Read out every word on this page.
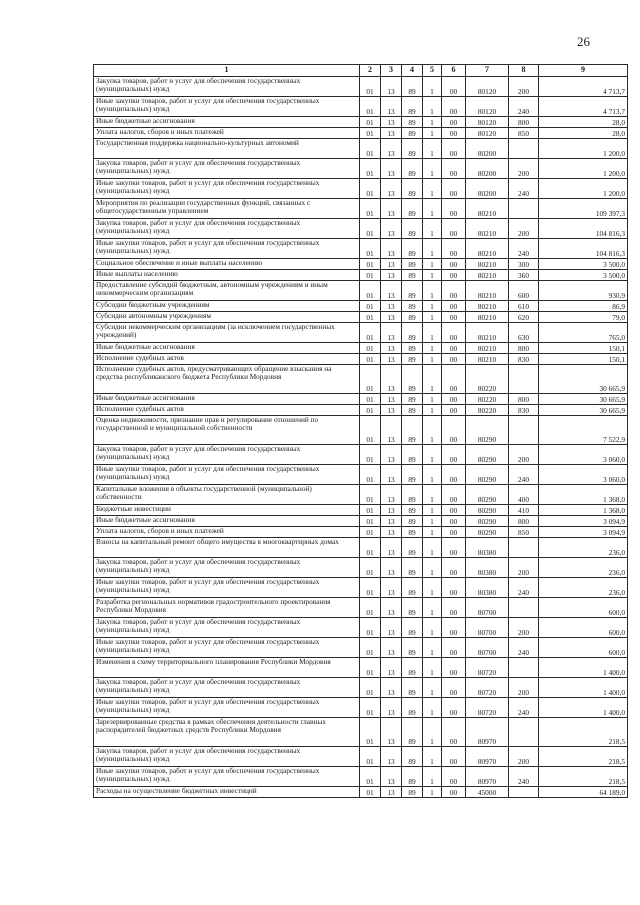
26
1	2	3	4	5	6	7	8	9
Закупка товаров, работ и услуг для обеспечения государственных (муниципальных) нужд	01	13	89	1	00	80120	200	4 713,7
Иные закупки товаров, работ и услуг для обеспечения государственных (муниципальных) нужд	01	13	89	1	00	80120	240	4 713,7
Иные бюджетные ассигнования	01	13	89	1	00	80120	800	28,0
Уплата налогов, сборов и иных платежей	01	13	89	1	00	80120	850	28,0
Государственная поддержка национально-культурных автономий	01	13	89	1	00	80200		1 200,0
Закупка товаров, работ и услуг для обеспечения государственных (муниципальных) нужд	01	13	89	1	00	80200	200	1 200,0
Иные закупки товаров, работ и услуг для обеспечения государственных (муниципальных) нужд	01	13	89	1	00	80200	240	1 200,0
Мероприятия по реализации государственных функций, связанных с общегосударственным управлением	01	13	89	1	00	80210		109 397,3
Закупка товаров, работ и услуг для обеспечения государственных (муниципальных) нужд	01	13	89	1	00	80210	200	104 816,3
Иные закупки товаров, работ и услуг для обеспечения государственных (муниципальных) нужд	01	13	89	1	00	80210	240	104 816,3
Социальное обеспечение и иные выплаты населению	01	13	89	1	00	80210	300	3 500,0
Иные выплаты населению	01	13	89	1	00	80210	360	3 500,0
Предоставление субсидий бюджетным, автономным учреждениям и иным некоммерческим организациям	01	13	89	1	00	80210	600	930,9
Субсидии бюджетным учреждениям	01	13	89	1	00	80210	610	86,9
Субсидии автономным учреждениям	01	13	89	1	00	80210	620	79,0
Субсидии некоммерческим организациям (за исключением государственных учреждений)	01	13	89	1	00	80210	630	765,0
Иные бюджетные ассигнования	01	13	89	1	00	80210	800	150,1
Исполнение судебных актов	01	13	89	1	00	80210	830	150,1
Исполнение судебных актов, предусматривающих обращение взыскания на средства республиканского бюджета Республики Мордовия	01	13	89	1	00	80220		30 665,9
Иные бюджетные ассигнования	01	13	89	1	00	80220	800	30 665,9
Исполнение судебных актов	01	13	89	1	00	80220	830	30 665,9
Оценка недвижимости, признание прав и регулирование отношений по государственной и муниципальной собственности	01	13	89	1	00	80290		7 522,9
Закупка товаров, работ и услуг для обеспечения государственных (муниципальных) нужд	01	13	89	1	00	80290	200	3 060,0
Иные закупки товаров, работ и услуг для обеспечения государственных (муниципальных) нужд	01	13	89	1	00	80290	240	3 060,0
Капитальные вложения в объекты государственной (муниципальной) собственности	01	13	89	1	00	80290	400	1 368,0
Бюджетные инвестиции	01	13	89	1	00	80290	410	1 368,0
Иные бюджетные ассигнования	01	13	89	1	00	80290	800	3 094,9
Уплата налогов, сборов и иных платежей	01	13	89	1	00	80290	850	3 094,9
Взносы на капитальный ремонт общего имущества в многоквартирных домах	01	13	89	1	00	80380		236,0
Закупка товаров, работ и услуг для обеспечения государственных (муниципальных) нужд	01	13	89	1	00	80380	200	236,0
Иные закупки товаров, работ и услуг для обеспечения государственных (муниципальных) нужд	01	13	89	1	00	80380	240	236,0
Разработка региональных нормативов градостроительного проектирования Республики Мордовия	01	13	89	1	00	80700		600,0
Закупка товаров, работ и услуг для обеспечения государственных (муниципальных) нужд	01	13	89	1	00	80700	200	600,0
Иные закупки товаров, работ и услуг для обеспечения государственных (муниципальных) нужд	01	13	89	1	00	80700	240	600,0
Изменения в схему территориального планирования Республики Мордовия	01	13	89	1	00	80720		1 400,0
Закупка товаров, работ и услуг для обеспечения государственных (муниципальных) нужд	01	13	89	1	00	80720	200	1 400,0
Иные закупки товаров, работ и услуг для обеспечения государственных (муниципальных) нужд	01	13	89	1	00	80720	240	1 400,0
Зарезервированные средства в рамках обеспечения деятельности главных распорядителей бюджетных средств Республики Мордовия	01	13	89	1	00	80970		218,5
Закупка товаров, работ и услуг для обеспечения государственных (муниципальных) нужд	01	13	89	1	00	80970	200	218,5
Иные закупки товаров, работ и услуг для обеспечения государственных (муниципальных) нужд	01	13	89	1	00	80970	240	218,5
Расходы на осуществление бюджетных инвестиций	01	13	89	1	00	45000		64 189,0
